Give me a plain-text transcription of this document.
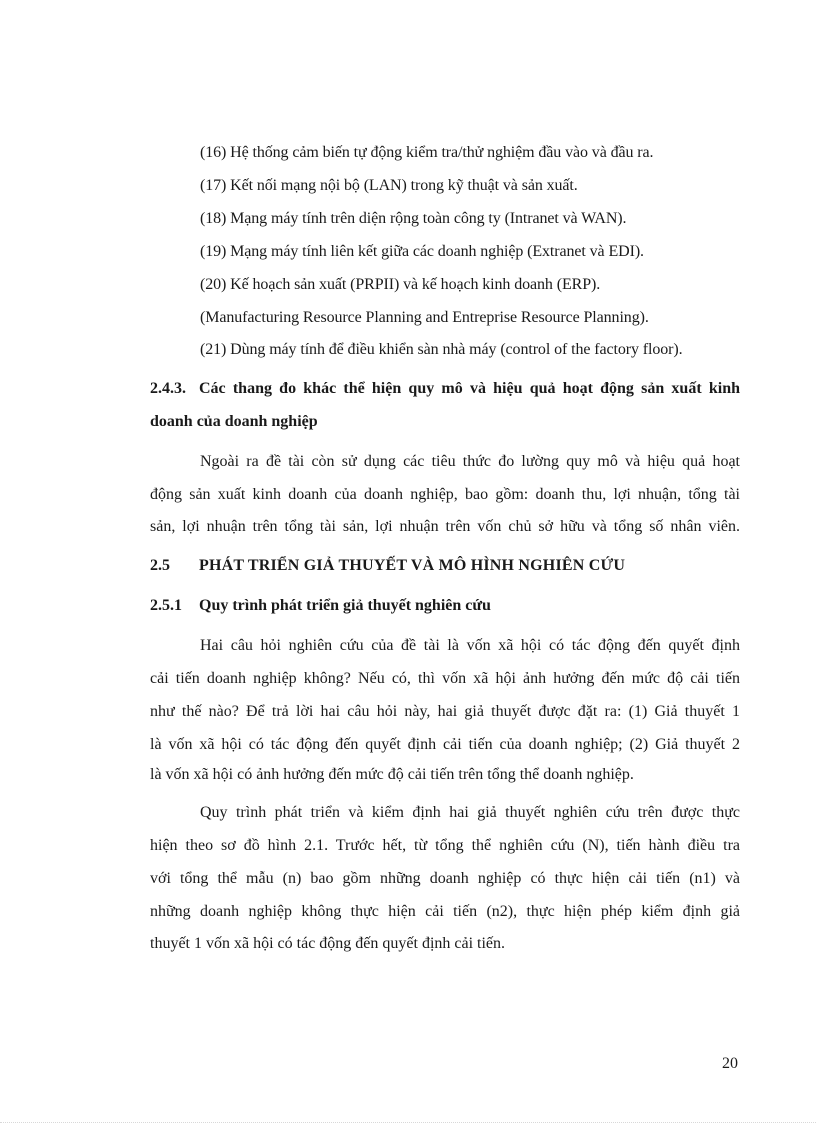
(16) Hệ thống cảm biến tự động kiểm tra/thử nghiệm đầu vào và đầu ra.
(17) Kết nối mạng nội bộ (LAN) trong kỹ thuật và sản xuất.
(18) Mạng máy tính trên diện rộng toàn công ty (Intranet và WAN).
(19) Mạng máy tính liên kết giữa các doanh nghiệp (Extranet và EDI).
(20) Kế hoạch sản xuất (PRPII) và kế hoạch kinh doanh (ERP).
(Manufacturing Resource Planning and Entreprise Resource Planning).
(21) Dùng máy tính để điều khiển sàn nhà máy (control of the factory floor).
2.4.3. Các thang đo khác thể hiện quy mô và hiệu quả hoạt động sản xuất kinh
doanh của doanh nghiệp
Ngoài ra đề tài còn sử dụng các tiêu thức đo lường quy mô và hiệu quả hoạt
động sản xuất kinh doanh của doanh nghiệp, bao gồm: doanh thu, lợi nhuận, tổng tài
sản, lợi nhuận trên tổng tài sản, lợi nhuận trên vốn chủ sở hữu và tổng số nhân viên.
2.5 PHÁT TRIỂN GIẢ THUYẾT VÀ MÔ HÌNH NGHIÊN CỨU
2.5.1 Quy trình phát triển giả thuyết nghiên cứu
Hai câu hỏi nghiên cứu của đề tài là vốn xã hội có tác động đến quyết định
cải tiến doanh nghiệp không? Nếu có, thì vốn xã hội ảnh hưởng đến mức độ cải tiến
như thế nào? Để trả lời hai câu hỏi này, hai giả thuyết được đặt ra: (1) Giả thuyết 1
là vốn xã hội có tác động đến quyết định cải tiến của doanh nghiệp; (2) Giả thuyết 2
là vốn xã hội có ảnh hưởng đến mức độ cải tiến trên tổng thể doanh nghiệp.
Quy trình phát triển và kiểm định hai giả thuyết nghiên cứu trên được thực
hiện theo sơ đồ hình 2.1. Trước hết, từ tổng thể nghiên cứu (N), tiến hành điều tra
với tổng thể mẫu (n) bao gồm những doanh nghiệp có thực hiện cải tiến (n1) và
những doanh nghiệp không thực hiện cải tiến (n2), thực hiện phép kiểm định giả
thuyết 1 vốn xã hội có tác động đến quyết định cải tiến.
20
